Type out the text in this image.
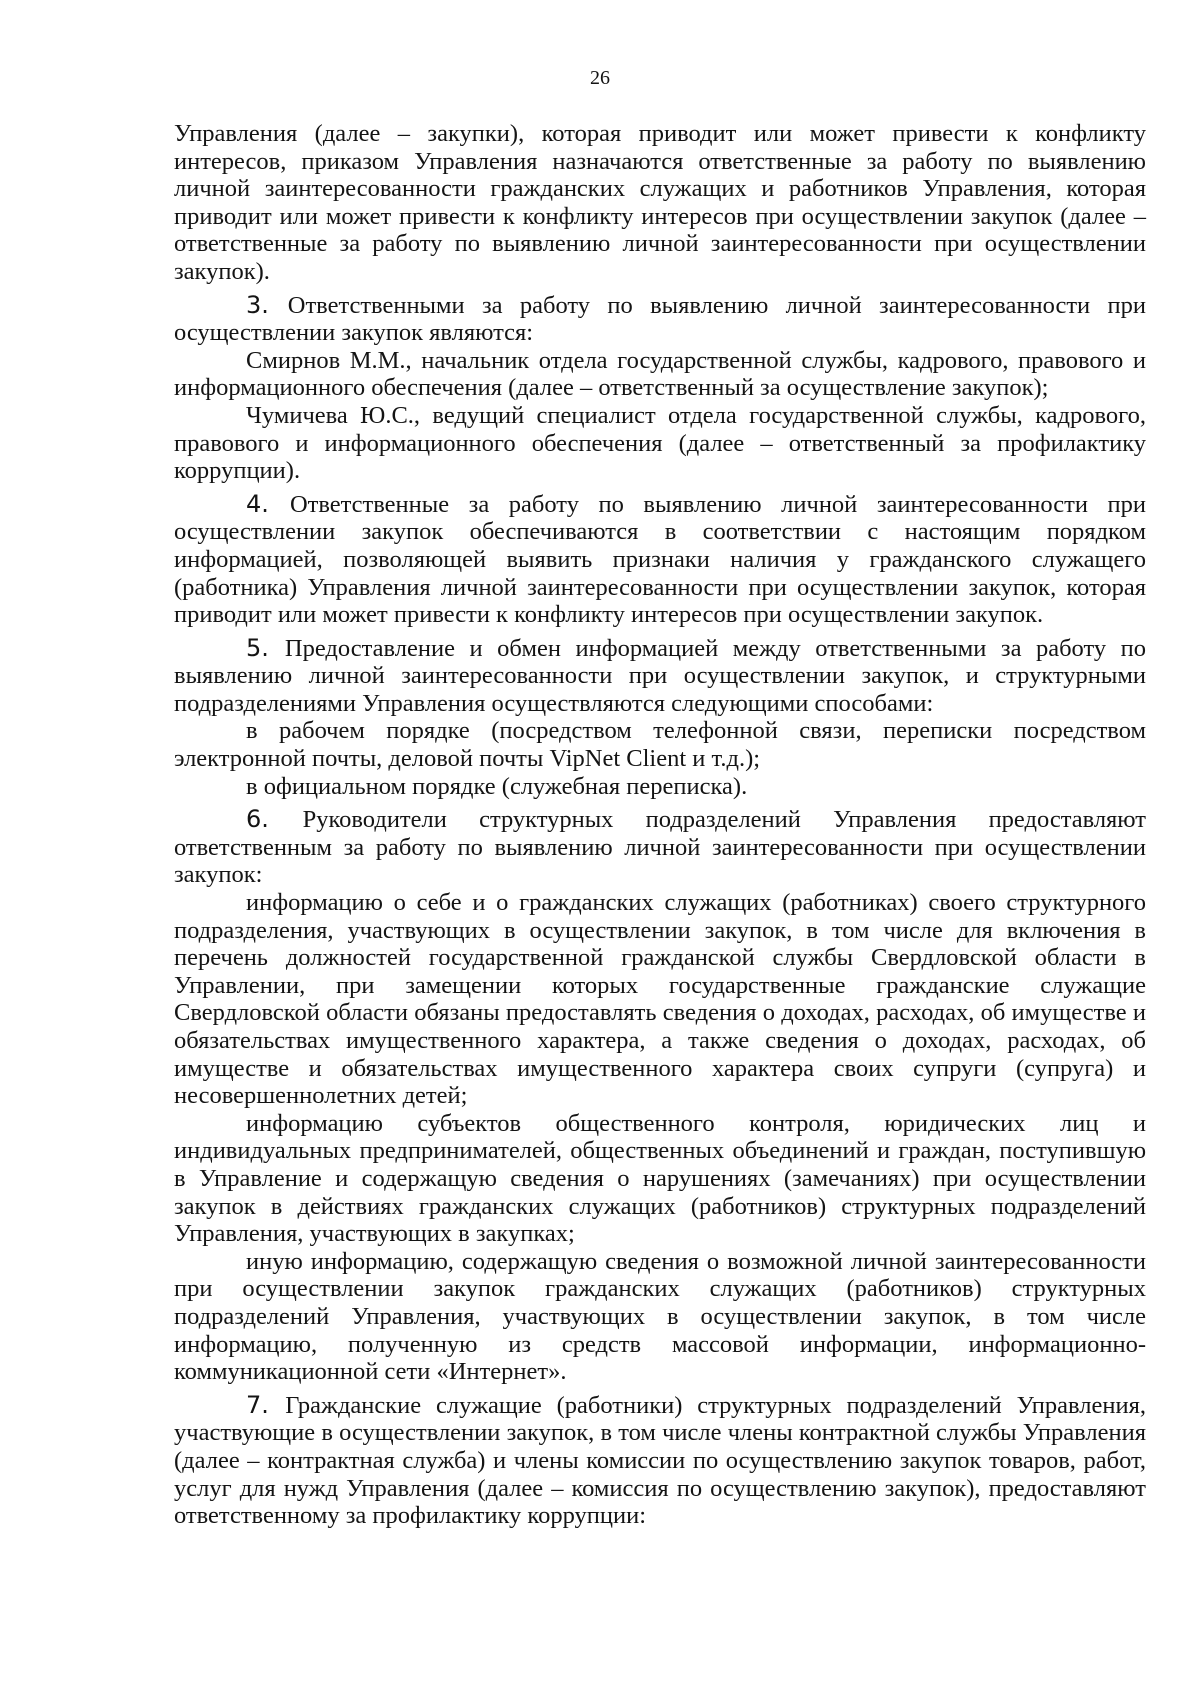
26

Управления (далее – закупки), которая приводит или может привести к конфликту интересов, приказом Управления назначаются ответственные за работу по выявлению личной заинтересованности гражданских служащих и работников Управления, которая приводит или может привести к конфликту интересов при осуществлении закупок (далее – ответственные за работу по выявлению личной заинтересованности при осуществлении закупок).

3. Ответственными за работу по выявлению личной заинтересованности при осуществлении закупок являются:

Смирнов М.М., начальник отдела государственной службы, кадрового, правового и информационного обеспечения (далее – ответственный за осуществление закупок);

Чумичева Ю.С., ведущий специалист отдела государственной службы, кадрового, правового и информационного обеспечения (далее – ответственный за профилактику коррупции).

4. Ответственные за работу по выявлению личной заинтересованности при осуществлении закупок обеспечиваются в соответствии с настоящим порядком информацией, позволяющей выявить признаки наличия у гражданского служащего (работника) Управления личной заинтересованности при осуществлении закупок, которая приводит или может привести к конфликту интересов при осуществлении закупок.

5. Предоставление и обмен информацией между ответственными за работу по выявлению личной заинтересованности при осуществлении закупок, и структурными подразделениями Управления осуществляются следующими способами:

в рабочем порядке (посредством телефонной связи, переписки посредством электронной почты, деловой почты VipNet Client и т.д.);

в официальном порядке (служебная переписка).

6. Руководители структурных подразделений Управления предоставляют ответственным за работу по выявлению личной заинтересованности при осуществлении закупок:

информацию о себе и о гражданских служащих (работниках) своего структурного подразделения, участвующих в осуществлении закупок, в том числе для включения в перечень должностей государственной гражданской службы Свердловской области в Управлении, при замещении которых государственные гражданские служащие Свердловской области обязаны предоставлять сведения о доходах, расходах, об имуществе и обязательствах имущественного характера, а также сведения о доходах, расходах, об имуществе и обязательствах имущественного характера своих супруги (супруга) и несовершеннолетних детей;

информацию субъектов общественного контроля, юридических лиц и индивидуальных предпринимателей, общественных объединений и граждан, поступившую в Управление и содержащую сведения о нарушениях (замечаниях) при осуществлении закупок в действиях гражданских служащих (работников) структурных подразделений Управления, участвующих в закупках;

иную информацию, содержащую сведения о возможной личной заинтересованности при осуществлении закупок гражданских служащих (работников) структурных подразделений Управления, участвующих в осуществлении закупок, в том числе информацию, полученную из средств массовой информации, информационно-коммуникационной сети «Интернет».

7. Гражданские служащие (работники) структурных подразделений Управления, участвующие в осуществлении закупок, в том числе члены контрактной службы Управления (далее – контрактная служба) и члены комиссии по осуществлению закупок товаров, работ, услуг для нужд Управления (далее – комиссия по осуществлению закупок), предоставляют ответственному за профилактику коррупции:
